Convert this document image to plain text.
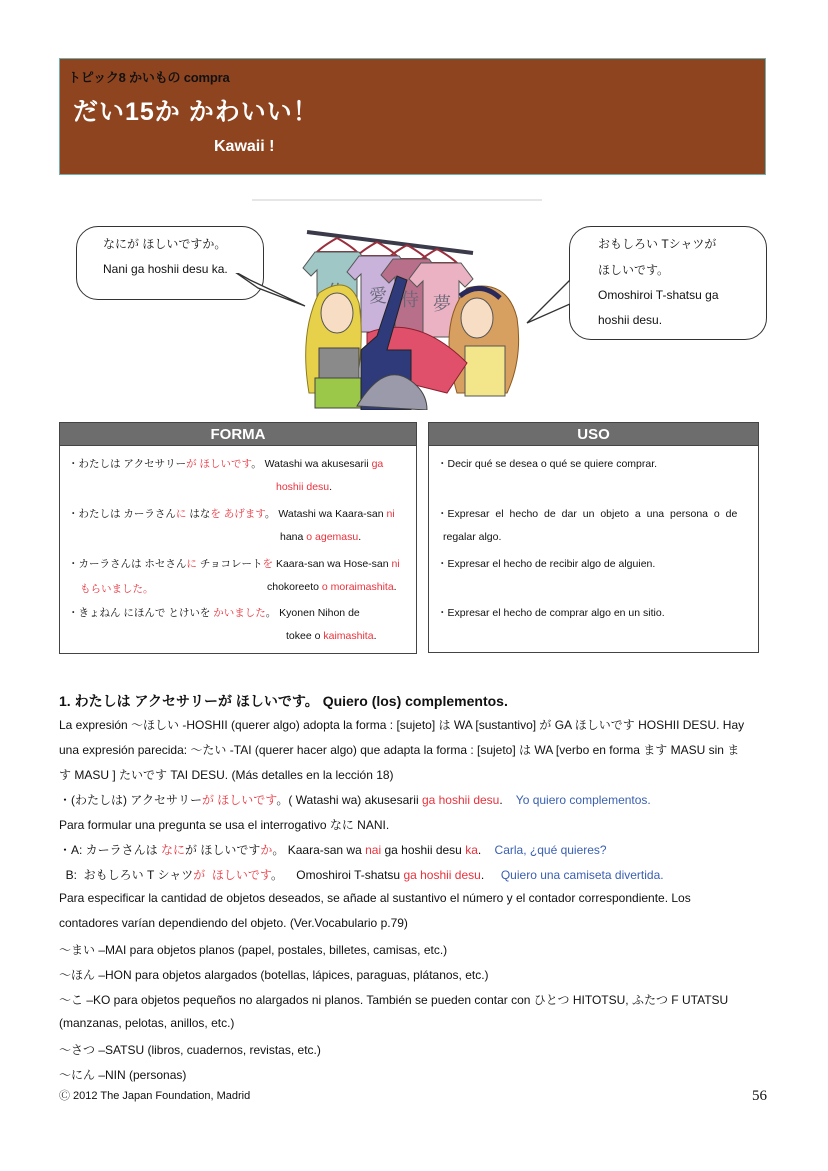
トピック8 かいもの compra
だい15か かわいい！
Kawaii !

なにが ほしいですか。

Nani ga hoshii desu ka.

おもしろい Tシャツが

ほしいです。

Omoshiroi T-shatsu ga

hoshii desu.

愛 侍 夢
FORMA
・わたしは アクセサリーが ほしいです。 Watashi wa akusesarii ga
hoshii desu.
・わたしは カーラさんに はなを あげます。 Watashi wa Kaara-san ni
hana o agemasu.
・カーラさんは ホセさんに チョコレートを Kaara-san wa Hose-san ni
もらいました。	chokoreeto o moraimashita.
・きょねん にほんで とけいを かいました。 Kyonen Nihon de
tokee o kaimashita.
USO
・Decir qué se desea o qué se quiere comprar.
・Expresar el hecho de dar un objeto a una persona o de
regalar algo.
・Expresar el hecho de recibir algo de alguien.
・Expresar el hecho de comprar algo en un sitio.
1. わたしは アクセサリーが ほしいです。 Quiero (los) complementos.
La expresión ～ほしい -HOSHII (querer algo) adopta la forma : [sujeto] は WA [sustantivo] が GA ほしいです HOSHII DESU. Hay
una expresión parecida: ～たい -TAI (querer hacer algo) que adapta la forma : [sujeto] は WA [verbo en forma ます MASU sin ま
す MASU ] たいです TAI DESU. (Más detalles en la lección 18)
・(わたしは) アクセサリーが ほしいです。( Watashi wa) akusesarii ga hoshii desu.    Yo quiero complementos.
Para formular una pregunta se usa el interrogativo なに NANI.
・A: カーラさんは なにが ほしいですか。 Kaara-san wa nai ga hoshii desu ka.    Carla, ¿qué quieres?
B:  おもしろい T シャツが  ほしいです。    Omoshiroi T-shatsu ga hoshii desu.     Quiero una camiseta divertida.
Para especificar la cantidad de objetos deseados, se añade al sustantivo el número y el contador correspondiente. Los
contadores varían dependiendo del objeto. (Ver.Vocabulario p.79)
～まい –MAI para objetos planos (papel, postales, billetes, camisas, etc.)
～ほん –HON para objetos alargados (botellas, lápices, paraguas, plátanos, etc.)
～こ –KO para objetos pequeños no alargados ni planos. También se pueden contar con ひとつ HITOTSU, ふたつ F UTATSU
(manzanas, pelotas, anillos, etc.)
～さつ –SATSU (libros, cuadernos, revistas, etc.)
～にん –NIN (personas)
Ⓒ 2012 The Japan Foundation, Madrid	56
